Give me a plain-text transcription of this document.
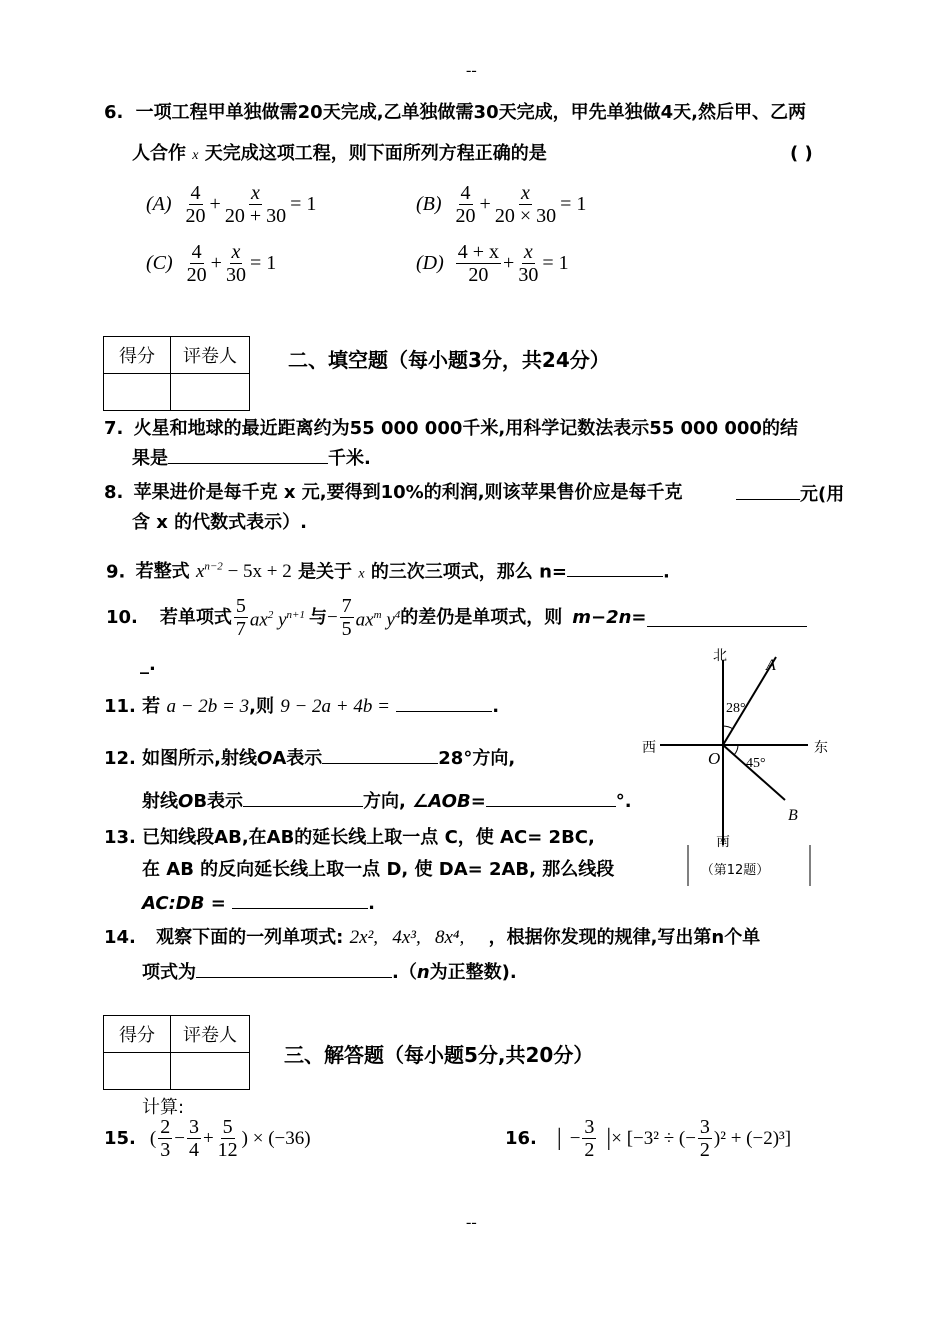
--
6. 一项工程甲单独做需20天完成,乙单独做需30天完成，甲先单独做4天,然后甲、乙两
人合作 x 天完成这项工程，则下面所列方程正确的是	( )
$(A) \frac{4}{20} + \frac{x}{20 + 30} = 1$	$(B) \frac{4}{20} + \frac{x}{20 \times 30} = 1$
$(C) \frac{4}{20} + \frac{x}{30} = 1$	$(D) \frac{4 + x}{20} + \frac{x}{30} = 1$
得分	评卷人
		二、填空题（每小题3分，共24分）
7. 火星和地球的最近距离约为55 000 000千米,用科学记数法表示55 000 000的结
果是	千米.
8. 苹果进价是每千克 x 元,要得到10%的利润,则该苹果售价应是每千克	元(用
含 x 的代数式表示）.
9. 若整式 $x^{n-2} - 5x + 2$ 是关于 x 的三次三项式，那么 n=	.
10. 若单项式 $\frac{5}{7} ax^2$ $y^{n+1}$ 与 − $\frac{7}{5} ax^m$ $y^4$ 的差仍是单项式，则 m−2n=
_.
11. 若 a − 2b = 3,则 9 − 2a + 4b =	.
12. 如图所示,射线OA表示	28°方向,
射线OB表示	方向, ∠AOB=	°.
13. 已知线段AB,在AB的延长线上取一点 C，使 AC= 2BC,
在 AB 的反向延长线上取一点 D, 使 DA= 2AB, 那么线段
AC:DB =	.
14. 观察下面的一列单项式: 2x², 4x³, 8x⁴, ，根据你发现的规律,写出第n个单
项式为	.（n为正整数).
北
南
西	东
A
B
O
28°
45°
（第12题）
得分	评卷人

三、解答题（每小题5分,共20分）
计算:
15. ( $\frac{2}{3} - \frac{3}{4} + \frac{5}{12}$ ) × (−36)	16. | − $\frac{3}{2}$ | × [−3² ÷ (− $\frac{3}{2} )^2 + (-2)^3$]
--
